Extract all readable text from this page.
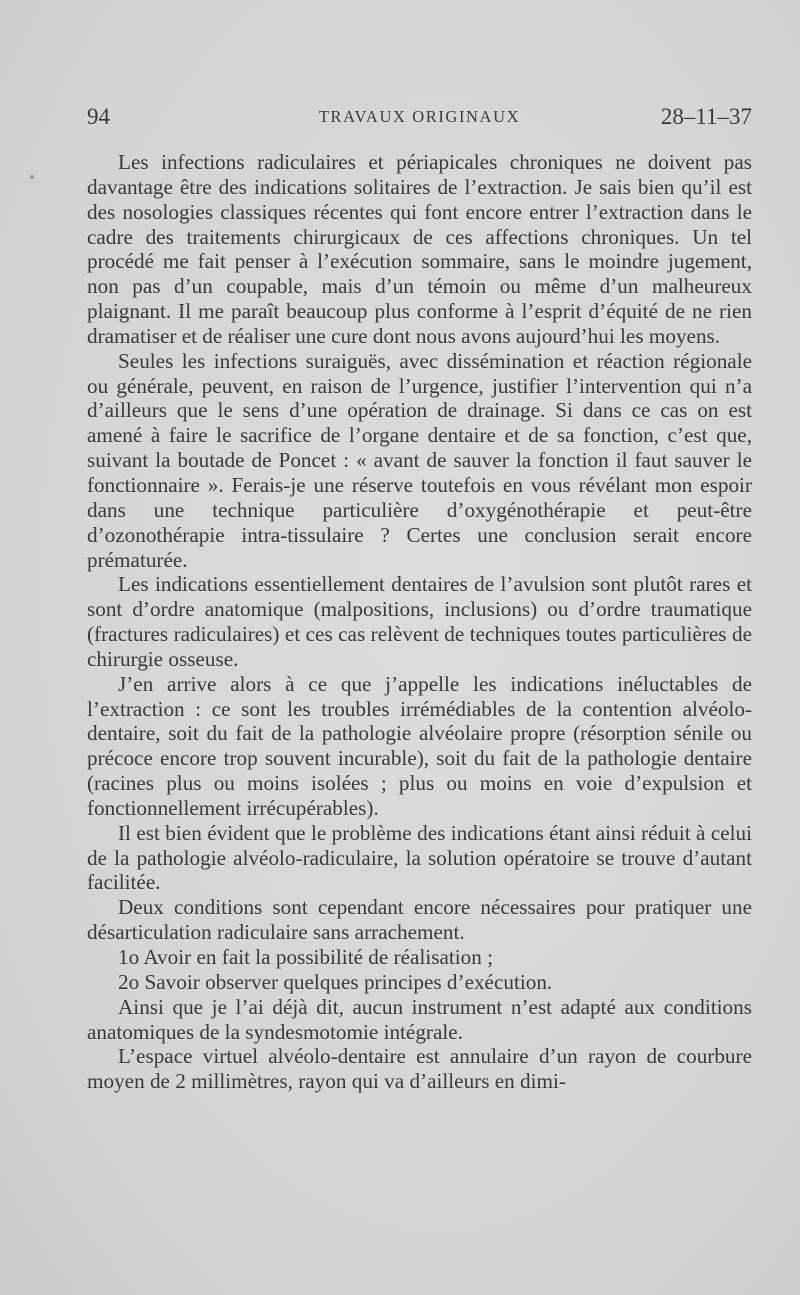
94	TRAVAUX ORIGINAUX	28–11–37

Les infections radiculaires et périapicales chroniques ne doivent pas davantage être des indications solitaires de l’extraction. Je sais bien qu’il est des nosologies classiques récentes qui font encore entrer l’extraction dans le cadre des traitements chirurgicaux de ces affections chroniques. Un tel procédé me fait penser à l’exécution sommaire, sans le moindre jugement, non pas d’un coupable, mais d’un témoin ou même d’un malheureux plaignant. Il me paraît beaucoup plus conforme à l’esprit d’équité de ne rien dramatiser et de réaliser une cure dont nous avons aujourd’hui les moyens.

Seules les infections suraiguës, avec dissémination et réaction régionale ou générale, peuvent, en raison de l’urgence, justifier l’intervention qui n’a d’ailleurs que le sens d’une opération de drainage. Si dans ce cas on est amené à faire le sacrifice de l’organe dentaire et de sa fonction, c’est que, suivant la boutade de Poncet : « avant de sauver la fonction il faut sauver le fonctionnaire ». Ferais-je une réserve toutefois en vous révélant mon espoir dans une technique particulière d’oxygénothérapie et peut-être d’ozonothérapie intra-tissulaire ? Certes une conclusion serait encore prématurée.

Les indications essentiellement dentaires de l’avulsion sont plutôt rares et sont d’ordre anatomique (malpositions, inclusions) ou d’ordre traumatique (fractures radiculaires) et ces cas relèvent de techniques toutes particulières de chirurgie osseuse.

J’en arrive alors à ce que j’appelle les indications inéluctables de l’extraction : ce sont les troubles irrémédiables de la contention alvéolo-dentaire, soit du fait de la pathologie alvéolaire propre (résorption sénile ou précoce encore trop souvent incurable), soit du fait de la pathologie dentaire (racines plus ou moins isolées ; plus ou moins en voie d’expulsion et fonctionnellement irrécupérables).

Il est bien évident que le problème des indications étant ainsi réduit à celui de la pathologie alvéolo-radiculaire, la solution opératoire se trouve d’autant facilitée.

Deux conditions sont cependant encore nécessaires pour pratiquer une désarticulation radiculaire sans arrachement.

1o Avoir en fait la possibilité de réalisation ;

2o Savoir observer quelques principes d’exécution.

Ainsi que je l’ai déjà dit, aucun instrument n’est adapté aux conditions anatomiques de la syndesmotomie intégrale.

L’espace virtuel alvéolo-dentaire est annulaire d’un rayon de courbure moyen de 2 millimètres, rayon qui va d’ailleurs en dimi-
